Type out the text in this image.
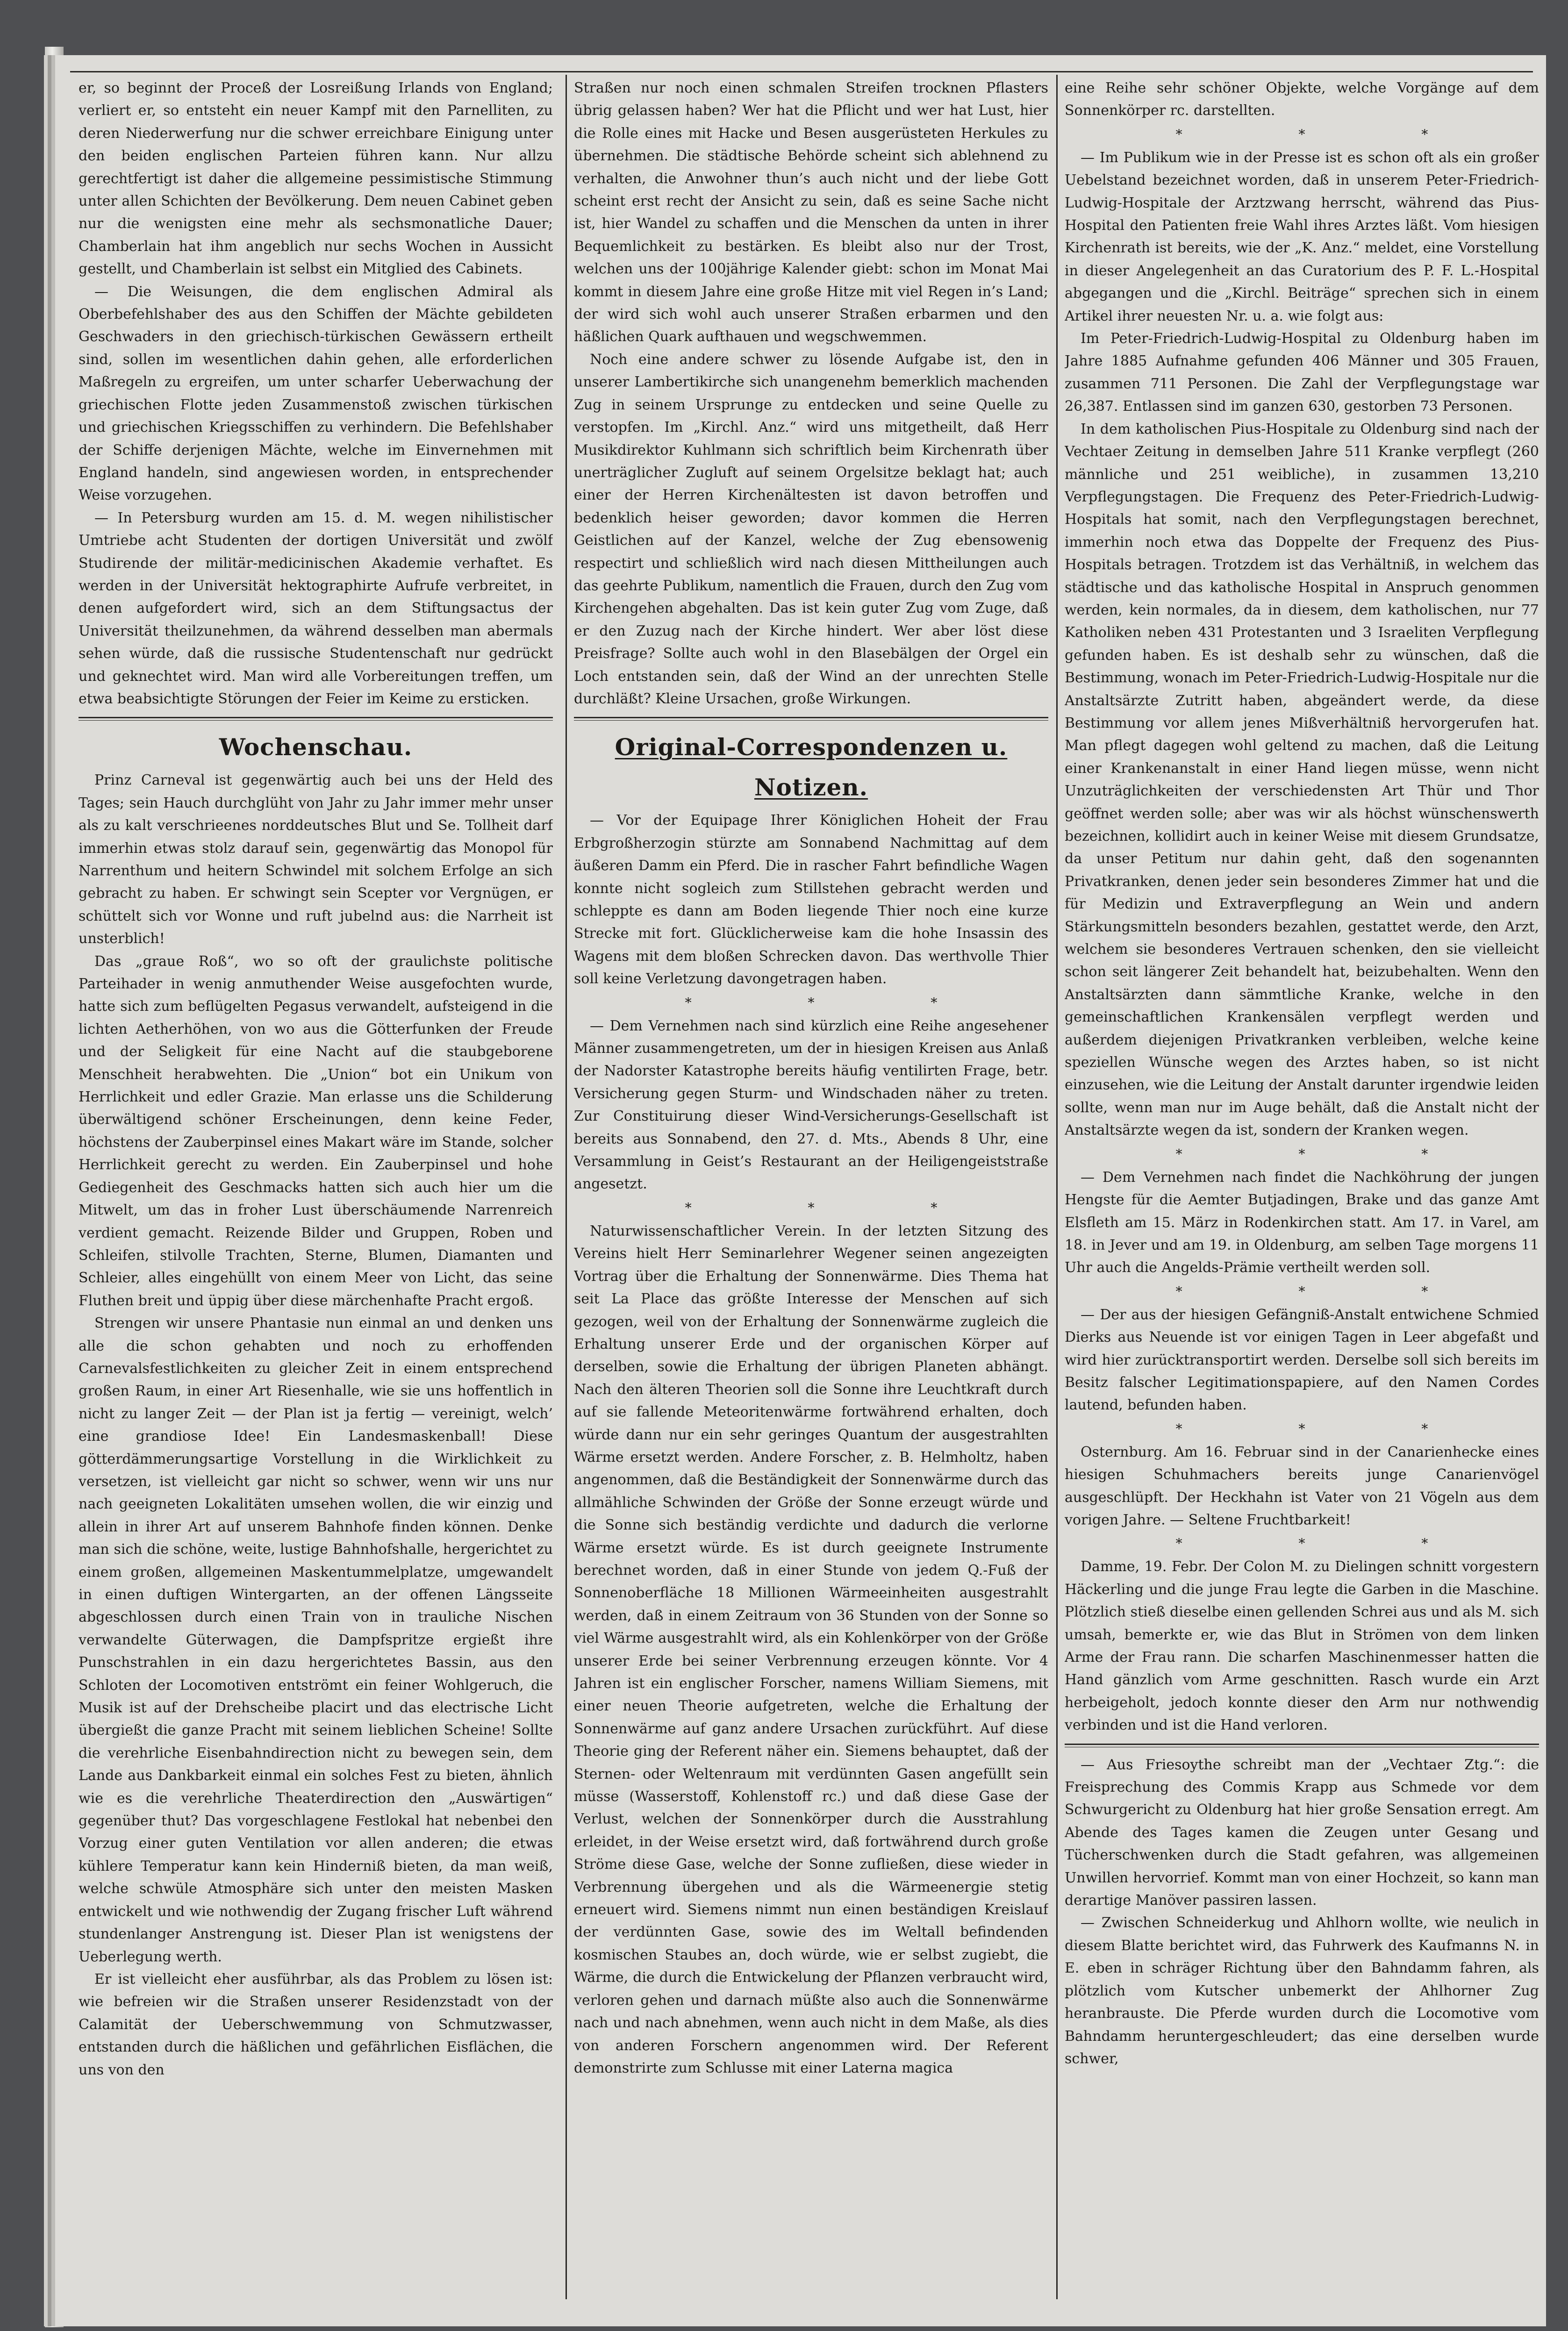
er, so beginnt der Proceß der Losreißung Irlands von England; verliert er, so entsteht ein neuer Kampf mit den Parnelliten, zu deren Niederwerfung nur die schwer erreichbare Einigung unter den beiden englischen Parteien führen kann. Nur allzu gerechtfertigt ist daher die allgemeine pessimistische Stimmung unter allen Schichten der Bevölkerung. Dem neuen Cabinet geben nur die wenigsten eine mehr als sechsmonatliche Dauer; Chamberlain hat ihm angeblich nur sechs Wochen in Aussicht gestellt, und Chamberlain ist selbst ein Mitglied des Cabinets.

— Die Weisungen, die dem englischen Admiral als Oberbefehlshaber des aus den Schiffen der Mächte gebildeten Geschwaders in den griechisch-türkischen Gewässern ertheilt sind, sollen im wesentlichen dahin gehen, alle erforderlichen Maßregeln zu ergreifen, um unter scharfer Ueberwachung der griechischen Flotte jeden Zusammenstoß zwischen türkischen und griechischen Kriegsschiffen zu verhindern. Die Befehlshaber der Schiffe derjenigen Mächte, welche im Einvernehmen mit England handeln, sind angewiesen worden, in entsprechender Weise vorzugehen.

— In Petersburg wurden am 15. d. M. wegen nihilistischer Umtriebe acht Studenten der dortigen Universität und zwölf Studirende der militär-medicinischen Akademie verhaftet. Es werden in der Universität hektographirte Aufrufe verbreitet, in denen aufgefordert wird, sich an dem Stiftungsactus der Universität theilzunehmen, da während desselben man abermals sehen würde, daß die russische Studentenschaft nur gedrückt und geknechtet wird. Man wird alle Vorbereitungen treffen, um etwa beabsichtigte Störungen der Feier im Keime zu ersticken.

Wochenschau.

Prinz Carneval ist gegenwärtig auch bei uns der Held des Tages; sein Hauch durchglüht von Jahr zu Jahr immer mehr unser als zu kalt verschrieenes norddeutsches Blut und Se. Tollheit darf immerhin etwas stolz darauf sein, gegenwärtig das Monopol für Narrenthum und heitern Schwindel mit solchem Erfolge an sich gebracht zu haben. Er schwingt sein Scepter vor Vergnügen, er schüttelt sich vor Wonne und ruft jubelnd aus: die Narrheit ist unsterblich!

Das „graue Roß“, wo so oft der graulichste politische Parteihader in wenig anmuthender Weise ausgefochten wurde, hatte sich zum beflügelten Pegasus verwandelt, aufsteigend in die lichten Aetherhöhen, von wo aus die Götterfunken der Freude und der Seligkeit für eine Nacht auf die staubgeborene Menschheit herabwehten. Die „Union“ bot ein Unikum von Herrlichkeit und edler Grazie. Man erlasse uns die Schilderung überwältigend schöner Erscheinungen, denn keine Feder, höchstens der Zauberpinsel eines Makart wäre im Stande, solcher Herrlichkeit gerecht zu werden. Ein Zauberpinsel und hohe Gediegenheit des Geschmacks hatten sich auch hier um die Mitwelt, um das in froher Lust überschäumende Narrenreich verdient gemacht. Reizende Bilder und Gruppen, Roben und Schleifen, stilvolle Trachten, Sterne, Blumen, Diamanten und Schleier, alles eingehüllt von einem Meer von Licht, das seine Fluthen breit und üppig über diese märchenhafte Pracht ergoß.

Strengen wir unsere Phantasie nun einmal an und denken uns alle die schon gehabten und noch zu erhoffenden Carnevalsfestlichkeiten zu gleicher Zeit in einem entsprechend großen Raum, in einer Art Riesenhalle, wie sie uns hoffentlich in nicht zu langer Zeit — der Plan ist ja fertig — vereinigt, welch’ eine grandiose Idee! Ein Landesmaskenball! Diese götterdämmerungsartige Vorstellung in die Wirklichkeit zu versetzen, ist vielleicht gar nicht so schwer, wenn wir uns nur nach geeigneten Lokalitäten umsehen wollen, die wir einzig und allein in ihrer Art auf unserem Bahnhofe finden können. Denke man sich die schöne, weite, lustige Bahnhofshalle, hergerichtet zu einem großen, allgemeinen Maskentummelplatze, umgewandelt in einen duftigen Wintergarten, an der offenen Längsseite abgeschlossen durch einen Train von in trauliche Nischen verwandelte Güterwagen, die Dampfspritze ergießt ihre Punschstrahlen in ein dazu hergerichtetes Bassin, aus den Schloten der Locomotiven entströmt ein feiner Wohlgeruch, die Musik ist auf der Drehscheibe placirt und das electrische Licht übergießt die ganze Pracht mit seinem lieblichen Scheine! Sollte die verehrliche Eisenbahndirection nicht zu bewegen sein, dem Lande aus Dankbarkeit einmal ein solches Fest zu bieten, ähnlich wie es die verehrliche Theaterdirection den „Auswärtigen“ gegenüber thut? Das vorgeschlagene Festlokal hat nebenbei den Vorzug einer guten Ventilation vor allen anderen; die etwas kühlere Temperatur kann kein Hinderniß bieten, da man weiß, welche schwüle Atmosphäre sich unter den meisten Masken entwickelt und wie nothwendig der Zugang frischer Luft während stundenlanger Anstrengung ist. Dieser Plan ist wenigstens der Ueberlegung werth.

Er ist vielleicht eher ausführbar, als das Problem zu lösen ist: wie befreien wir die Straßen unserer Residenzstadt von der Calamität der Ueberschwemmung von Schmutzwasser, entstanden durch die häßlichen und gefährlichen Eisflächen, die uns von den

Straßen nur noch einen schmalen Streifen trocknen Pflasters übrig gelassen haben? Wer hat die Pflicht und wer hat Lust, hier die Rolle eines mit Hacke und Besen ausgerüsteten Herkules zu übernehmen. Die städtische Behörde scheint sich ablehnend zu verhalten, die Anwohner thun’s auch nicht und der liebe Gott scheint erst recht der Ansicht zu sein, daß es seine Sache nicht ist, hier Wandel zu schaffen und die Menschen da unten in ihrer Bequemlichkeit zu bestärken. Es bleibt also nur der Trost, welchen uns der 100jährige Kalender giebt: schon im Monat Mai kommt in diesem Jahre eine große Hitze mit viel Regen in’s Land; der wird sich wohl auch unserer Straßen erbarmen und den häßlichen Quark aufthauen und wegschwemmen.

Noch eine andere schwer zu lösende Aufgabe ist, den in unserer Lambertikirche sich unangenehm bemerklich machenden Zug in seinem Ursprunge zu entdecken und seine Quelle zu verstopfen. Im „Kirchl. Anz.“ wird uns mitgetheilt, daß Herr Musikdirektor Kuhlmann sich schriftlich beim Kirchenrath über unerträglicher Zugluft auf seinem Orgelsitze beklagt hat; auch einer der Herren Kirchenältesten ist davon betroffen und bedenklich heiser geworden; davor kommen die Herren Geistlichen auf der Kanzel, welche der Zug ebensowenig respectirt und schließlich wird nach diesen Mittheilungen auch das geehrte Publikum, namentlich die Frauen, durch den Zug vom Kirchengehen abgehalten. Das ist kein guter Zug vom Zuge, daß er den Zuzug nach der Kirche hindert. Wer aber löst diese Preisfrage? Sollte auch wohl in den Blasebälgen der Orgel ein Loch entstanden sein, daß der Wind an der unrechten Stelle durchläßt? Kleine Ursachen, große Wirkungen.

Original-Correspondenzen u. Notizen.

— Vor der Equipage Ihrer Königlichen Hoheit der Frau Erbgroßherzogin stürzte am Sonnabend Nachmittag auf dem äußeren Damm ein Pferd. Die in rascher Fahrt befindliche Wagen konnte nicht sogleich zum Stillstehen gebracht werden und schleppte es dann am Boden liegende Thier noch eine kurze Strecke mit fort. Glücklicherweise kam die hohe Insassin des Wagens mit dem bloßen Schrecken davon. Das werthvolle Thier soll keine Verletzung davongetragen haben.

* * *

— Dem Vernehmen nach sind kürzlich eine Reihe angesehener Männer zusammengetreten, um der in hiesigen Kreisen aus Anlaß der Nadorster Katastrophe bereits häufig ventilirten Frage, betr. Versicherung gegen Sturm- und Windschaden näher zu treten. Zur Constituirung dieser Wind-Versicherungs-Gesellschaft ist bereits aus Sonnabend, den 27. d. Mts., Abends 8 Uhr, eine Versammlung in Geist’s Restaurant an der Heiligengeiststraße angesetzt.

* * *

Naturwissenschaftlicher Verein. In der letzten Sitzung des Vereins hielt Herr Seminarlehrer Wegener seinen angezeigten Vortrag über die Erhaltung der Sonnenwärme. Dies Thema hat seit La Place das größte Interesse der Menschen auf sich gezogen, weil von der Erhaltung der Sonnenwärme zugleich die Erhaltung unserer Erde und der organischen Körper auf derselben, sowie die Erhaltung der übrigen Planeten abhängt. Nach den älteren Theorien soll die Sonne ihre Leuchtkraft durch auf sie fallende Meteoritenwärme fortwährend erhalten, doch würde dann nur ein sehr geringes Quantum der ausgestrahlten Wärme ersetzt werden. Andere Forscher, z. B. Helmholtz, haben angenommen, daß die Beständigkeit der Sonnenwärme durch das allmähliche Schwinden der Größe der Sonne erzeugt würde und die Sonne sich beständig verdichte und dadurch die verlorne Wärme ersetzt würde. Es ist durch geeignete Instrumente berechnet worden, daß in einer Stunde von jedem Q.-Fuß der Sonnenoberfläche 18 Millionen Wärmeeinheiten ausgestrahlt werden, daß in einem Zeitraum von 36 Stunden von der Sonne so viel Wärme ausgestrahlt wird, als ein Kohlenkörper von der Größe unserer Erde bei seiner Verbrennung erzeugen könnte. Vor 4 Jahren ist ein englischer Forscher, namens William Siemens, mit einer neuen Theorie aufgetreten, welche die Erhaltung der Sonnenwärme auf ganz andere Ursachen zurückführt. Auf diese Theorie ging der Referent näher ein. Siemens behauptet, daß der Sternen- oder Weltenraum mit verdünnten Gasen angefüllt sein müsse (Wasserstoff, Kohlenstoff rc.) und daß diese Gase der Verlust, welchen der Sonnenkörper durch die Ausstrahlung erleidet, in der Weise ersetzt wird, daß fortwährend durch große Ströme diese Gase, welche der Sonne zufließen, diese wieder in Verbrennung übergehen und als die Wärmeenergie stetig erneuert wird. Siemens nimmt nun einen beständigen Kreislauf der verdünnten Gase, sowie des im Weltall befindenden kosmischen Staubes an, doch würde, wie er selbst zugiebt, die Wärme, die durch die Entwickelung der Pflanzen verbraucht wird, verloren gehen und darnach müßte also auch die Sonnenwärme nach und nach abnehmen, wenn auch nicht in dem Maße, als dies von anderen Forschern angenommen wird. Der Referent demonstrirte zum Schlusse mit einer Laterna magica

eine Reihe sehr schöner Objekte, welche Vorgänge auf dem Sonnenkörper rc. darstellten.

* * *

— Im Publikum wie in der Presse ist es schon oft als ein großer Uebelstand bezeichnet worden, daß in unserem Peter-Friedrich-Ludwig-Hospitale der Arztzwang herrscht, während das Pius-Hospital den Patienten freie Wahl ihres Arztes läßt. Vom hiesigen Kirchenrath ist bereits, wie der „K. Anz.“ meldet, eine Vorstellung in dieser Angelegenheit an das Curatorium des P. F. L.-Hospital abgegangen und die „Kirchl. Beiträge“ sprechen sich in einem Artikel ihrer neuesten Nr. u. a. wie folgt aus:

Im Peter-Friedrich-Ludwig-Hospital zu Oldenburg haben im Jahre 1885 Aufnahme gefunden 406 Männer und 305 Frauen, zusammen 711 Personen. Die Zahl der Verpflegungstage war 26,387. Entlassen sind im ganzen 630, gestorben 73 Personen.

In dem katholischen Pius-Hospitale zu Oldenburg sind nach der Vechtaer Zeitung in demselben Jahre 511 Kranke verpflegt (260 männliche und 251 weibliche), in zusammen 13,210 Verpflegungstagen. Die Frequenz des Peter-Friedrich-Ludwig-Hospitals hat somit, nach den Verpflegungstagen berechnet, immerhin noch etwa das Doppelte der Frequenz des Pius-Hospitals betragen. Trotzdem ist das Verhältniß, in welchem das städtische und das katholische Hospital in Anspruch genommen werden, kein normales, da in diesem, dem katholischen, nur 77 Katholiken neben 431 Protestanten und 3 Israeliten Verpflegung gefunden haben. Es ist deshalb sehr zu wünschen, daß die Bestimmung, wonach im Peter-Friedrich-Ludwig-Hospitale nur die Anstaltsärzte Zutritt haben, abgeändert werde, da diese Bestimmung vor allem jenes Mißverhältniß hervorgerufen hat. Man pflegt dagegen wohl geltend zu machen, daß die Leitung einer Krankenanstalt in einer Hand liegen müsse, wenn nicht Unzuträglichkeiten der verschiedensten Art Thür und Thor geöffnet werden solle; aber was wir als höchst wünschenswerth bezeichnen, kollidirt auch in keiner Weise mit diesem Grundsatze, da unser Petitum nur dahin geht, daß den sogenannten Privatkranken, denen jeder sein besonderes Zimmer hat und die für Medizin und Extraverpflegung an Wein und andern Stärkungsmitteln besonders bezahlen, gestattet werde, den Arzt, welchem sie besonderes Vertrauen schenken, den sie vielleicht schon seit längerer Zeit behandelt hat, beizubehalten. Wenn den Anstaltsärzten dann sämmtliche Kranke, welche in den gemeinschaftlichen Krankensälen verpflegt werden und außerdem diejenigen Privatkranken verbleiben, welche keine speziellen Wünsche wegen des Arztes haben, so ist nicht einzusehen, wie die Leitung der Anstalt darunter irgendwie leiden sollte, wenn man nur im Auge behält, daß die Anstalt nicht der Anstaltsärzte wegen da ist, sondern der Kranken wegen.

* * *

— Dem Vernehmen nach findet die Nachköhrung der jungen Hengste für die Aemter Butjadingen, Brake und das ganze Amt Elsfleth am 15. März in Rodenkirchen statt. Am 17. in Varel, am 18. in Jever und am 19. in Oldenburg, am selben Tage morgens 11 Uhr auch die Angelds-Prämie vertheilt werden soll.

* * *

— Der aus der hiesigen Gefängniß-Anstalt entwichene Schmied Dierks aus Neuende ist vor einigen Tagen in Leer abgefaßt und wird hier zurücktransportirt werden. Derselbe soll sich bereits im Besitz falscher Legitimationspapiere, auf den Namen Cordes lautend, befunden haben.

* * *

Osternburg. Am 16. Februar sind in der Canarienhecke eines hiesigen Schuhmachers bereits junge Canarienvögel ausgeschlüpft. Der Heckhahn ist Vater von 21 Vögeln aus dem vorigen Jahre. — Seltene Fruchtbarkeit!

* * *

Damme, 19. Febr. Der Colon M. zu Dielingen schnitt vorgestern Häckerling und die junge Frau legte die Garben in die Maschine. Plötzlich stieß dieselbe einen gellenden Schrei aus und als M. sich umsah, bemerkte er, wie das Blut in Strömen von dem linken Arme der Frau rann. Die scharfen Maschinenmesser hatten die Hand gänzlich vom Arme geschnitten. Rasch wurde ein Arzt herbeigeholt, jedoch konnte dieser den Arm nur nothwendig verbinden und ist die Hand verloren.

— Aus Friesoythe schreibt man der „Vechtaer Ztg.“: die Freisprechung des Commis Krapp aus Schmede vor dem Schwurgericht zu Oldenburg hat hier große Sensation erregt. Am Abende des Tages kamen die Zeugen unter Gesang und Tücherschwenken durch die Stadt gefahren, was allgemeinen Unwillen hervorrief. Kommt man von einer Hochzeit, so kann man derartige Manöver passiren lassen.

— Zwischen Schneiderkug und Ahlhorn wollte, wie neulich in diesem Blatte berichtet wird, das Fuhrwerk des Kaufmanns N. in E. eben in schräger Richtung über den Bahndamm fahren, als plötzlich vom Kutscher unbemerkt der Ahlhorner Zug heranbrauste. Die Pferde wurden durch die Locomotive vom Bahndamm heruntergeschleudert; das eine derselben wurde schwer,
